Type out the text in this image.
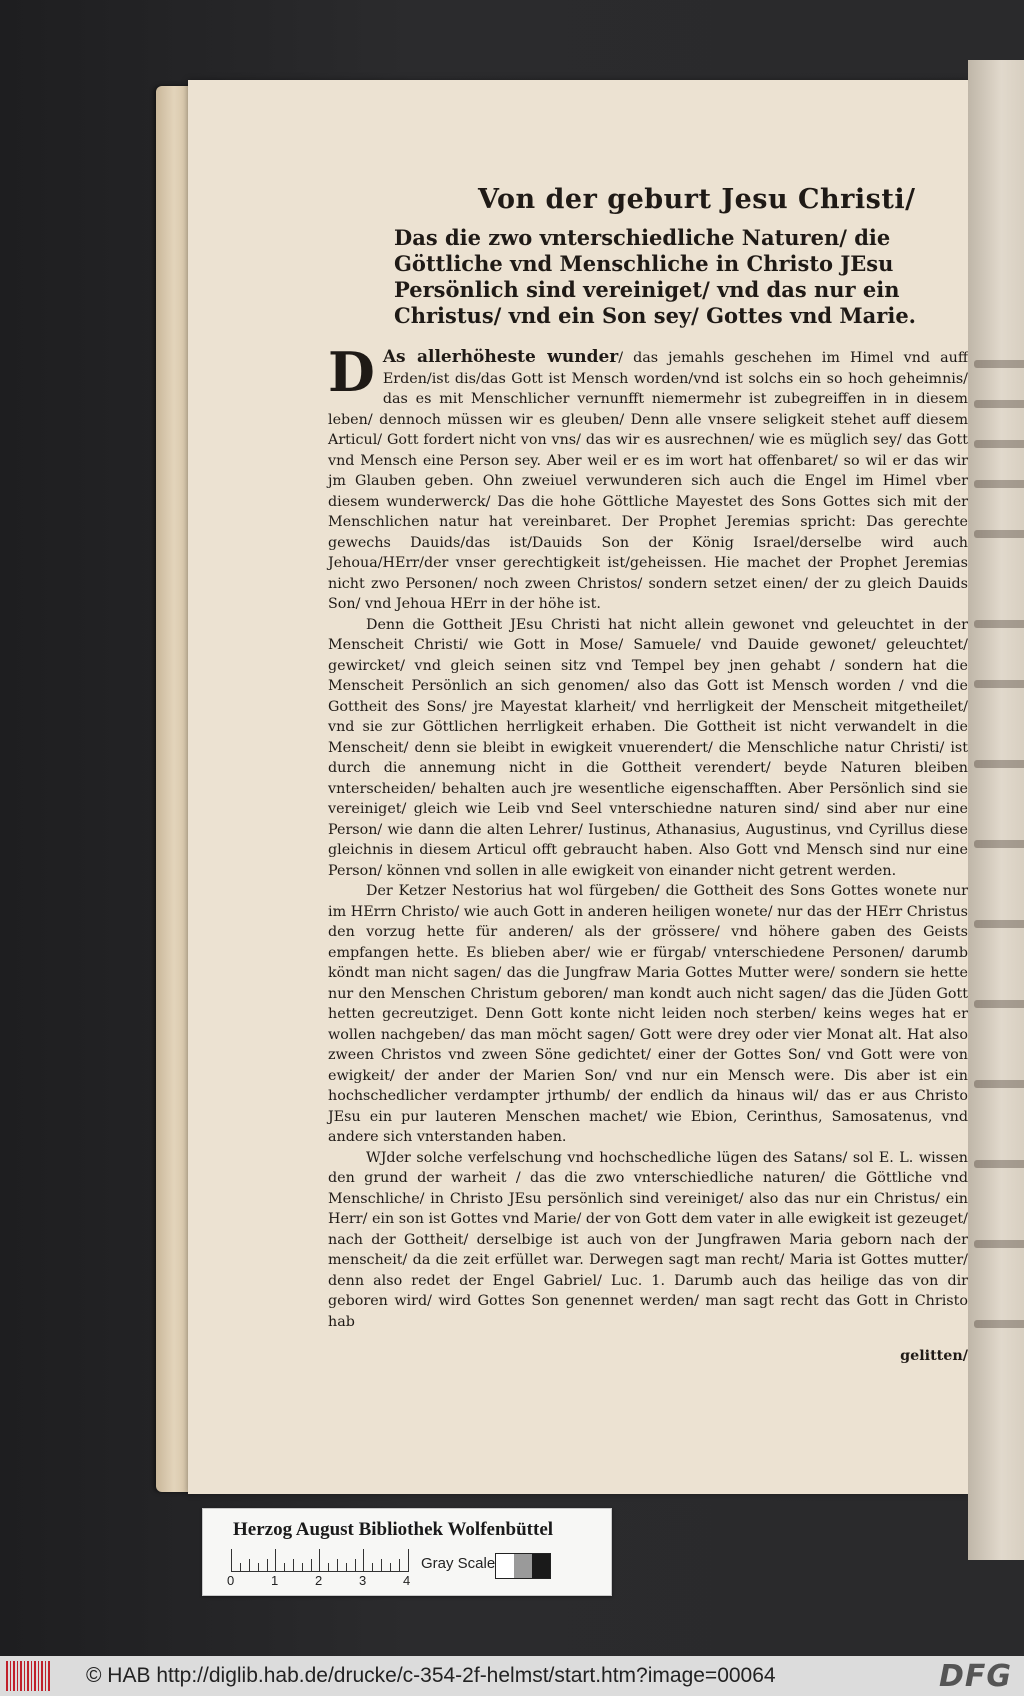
Von der geburt Jesu Christi/
Das die zwo vnterschiedliche Naturen/ die Göttliche vnd Menschliche in Christo JEsu Persönlich sind vereiniget/ vnd das nur ein Christus/ vnd ein Son sey/ Gottes vnd Marie.

D As allerhöheste wunder/ das jemahls geschehen im Himel vnd auff Erden/ist dis/das Gott ist Mensch worden/vnd ist solchs ein so hoch geheimnis/ das es mit Menschlicher vernunfft niemermehr ist zubegreiffen in in diesem leben/ dennoch müssen wir es gleuben/ Denn alle vnsere seligkeit stehet auff diesem Articul/ Gott fordert nicht von vns/ das wir es ausrechnen/ wie es müglich sey/ das Gott vnd Mensch eine Person sey. Aber weil er es im wort hat offenbaret/ so wil er das wir jm Glauben geben. Ohn zweiuel verwunderen sich auch die Engel im Himel vber diesem wunderwerck/ Das die hohe Göttliche Mayestet des Sons Gottes sich mit der Menschlichen natur hat vereinbaret. Der Prophet Jeremias spricht: Das gerechte gewechs Dauids/das ist/Dauids Son der König Israel/derselbe wird auch Jehoua/HErr/der vnser gerechtigkeit ist/geheissen. Hie machet der Prophet Jeremias nicht zwo Personen/ noch zween Christos/ sondern setzet einen/ der zu gleich Dauids Son/ vnd Jehoua HErr in der höhe ist.

Denn die Gottheit JEsu Christi hat nicht allein gewonet vnd geleuchtet in der Menscheit Christi/ wie Gott in Mose/ Samuele/ vnd Dauide gewonet/ geleuchtet/ gewircket/ vnd gleich seinen sitz vnd Tempel bey jnen gehabt / sondern hat die Menscheit Persönlich an sich genomen/ also das Gott ist Mensch worden / vnd die Gottheit des Sons/ jre Mayestat klarheit/ vnd herrligkeit der Menscheit mitgetheilet/ vnd sie zur Göttlichen herrligkeit erhaben. Die Gottheit ist nicht verwandelt in die Menscheit/ denn sie bleibt in ewigkeit vnuerendert/ die Menschliche natur Christi/ ist durch die annemung nicht in die Gottheit verendert/ beyde Naturen bleiben vnterscheiden/ behalten auch jre wesentliche eigenschafften. Aber Persönlich sind sie vereiniget/ gleich wie Leib vnd Seel vnterschiedne naturen sind/ sind aber nur eine Person/ wie dann die alten Lehrer/ Iustinus, Athanasius, Augustinus, vnd Cyrillus diese gleichnis in diesem Articul offt gebraucht haben. Also Gott vnd Mensch sind nur eine Person/ können vnd sollen in alle ewigkeit von einander nicht getrent werden.

Der Ketzer Nestorius hat wol fürgeben/ die Gottheit des Sons Gottes wonete nur im HErrn Christo/ wie auch Gott in anderen heiligen wonete/ nur das der HErr Christus den vorzug hette für anderen/ als der grössere/ vnd höhere gaben des Geists empfangen hette. Es blieben aber/ wie er fürgab/ vnterschiedene Personen/ darumb köndt man nicht sagen/ das die Jungfraw Maria Gottes Mutter were/ sondern sie hette nur den Menschen Christum geboren/ man kondt auch nicht sagen/ das die Jüden Gott hetten gecreutziget. Denn Gott konte nicht leiden noch sterben/ keins weges hat er wollen nachgeben/ das man möcht sagen/ Gott were drey oder vier Monat alt. Hat also zween Christos vnd zween Söne gedichtet/ einer der Gottes Son/ vnd Gott were von ewigkeit/ der ander der Marien Son/ vnd nur ein Mensch were. Dis aber ist ein hochschedlicher verdampter jrthumb/ der endlich da hinaus wil/ das er aus Christo JEsu ein pur lauteren Menschen machet/ wie Ebion, Cerinthus, Samosatenus, vnd andere sich vnterstanden haben.

WJder solche verfelschung vnd hochschedliche lügen des Satans/ sol E. L. wissen den grund der warheit / das die zwo vnterschiedliche naturen/ die Göttliche vnd Menschliche/ in Christo JEsu persönlich sind vereiniget/ also das nur ein Christus/ ein Herr/ ein son ist Gottes vnd Marie/ der von Gott dem vater in alle ewigkeit ist gezeuget/ nach der Gottheit/ derselbige ist auch von der Jungfrawen Maria geborn nach der menscheit/ da die zeit erfüllet war. Derwegen sagt man recht/ Maria ist Gottes mutter/ denn also redet der Engel Gabriel/ Luc. 1. Darumb auch das heilige das von dir geboren wird/ wird Gottes Son genennet werden/ man sagt recht das Gott in Christo hab

gelitten/

Herzog August Bibliothek Wolfenbüttel
0	1	2	3	4
Gray Scale
© HAB http://diglib.hab.de/drucke/c-354-2f-helmst/start.htm?image=00064	DFG
